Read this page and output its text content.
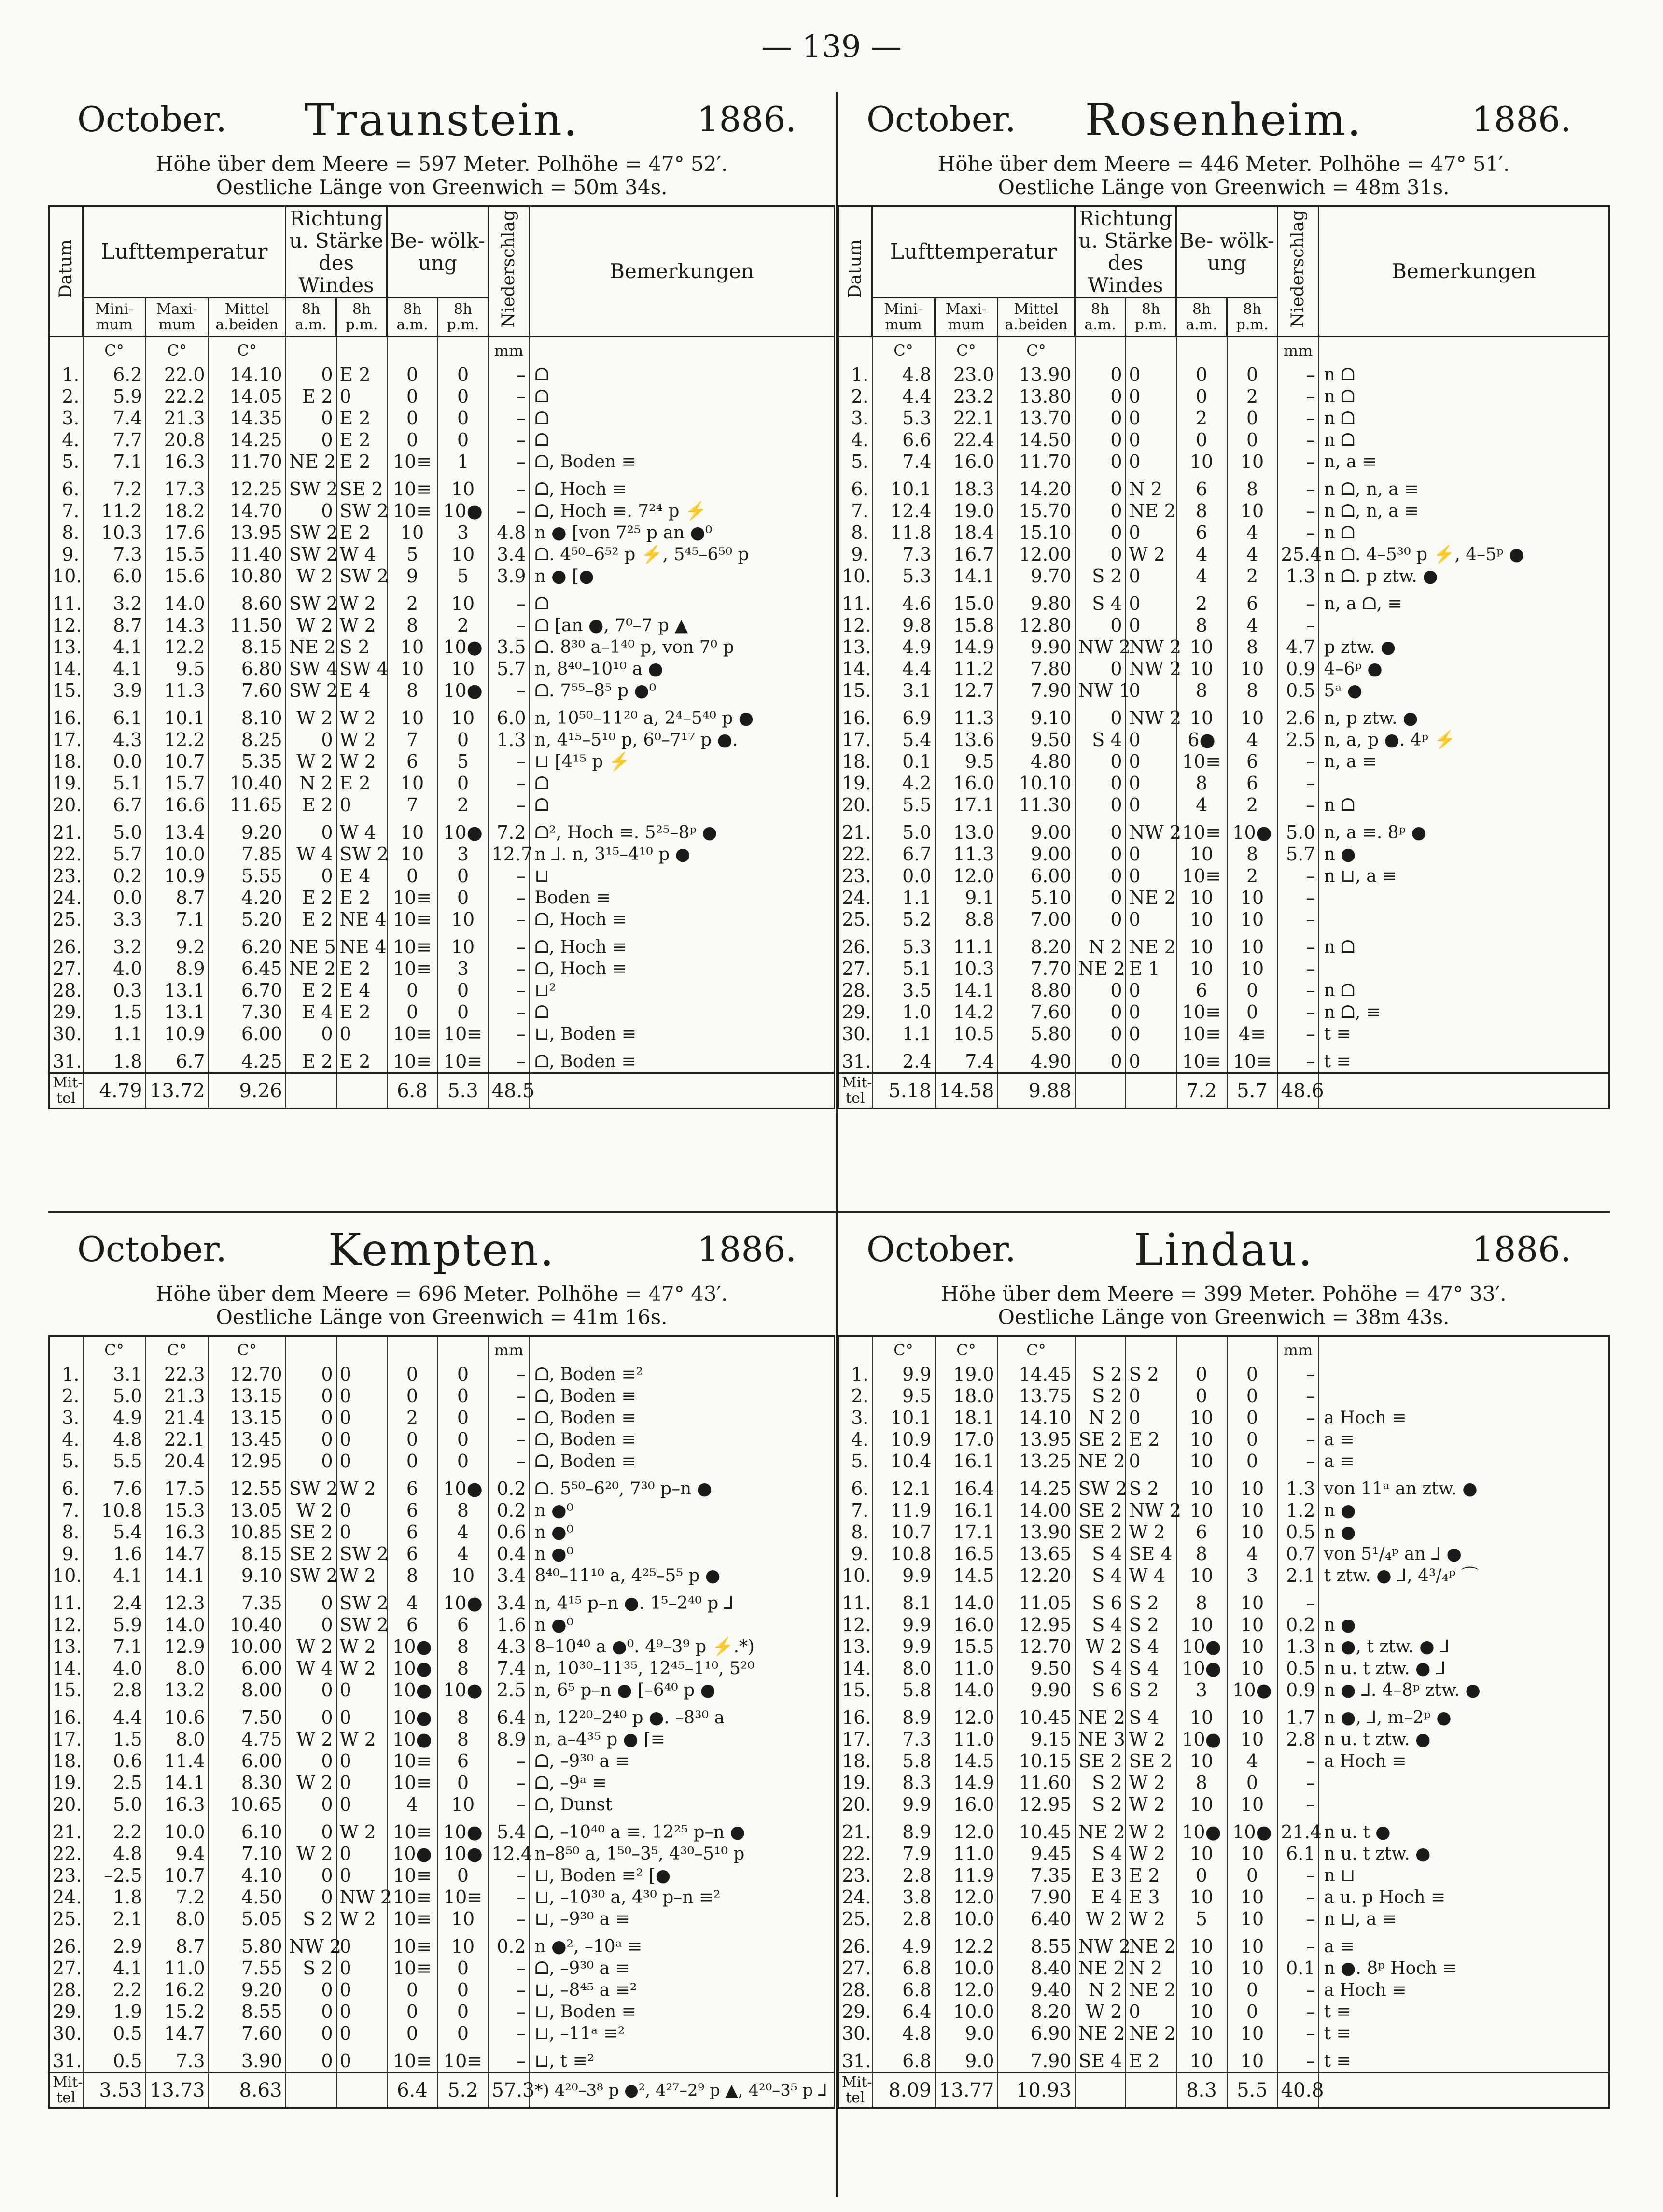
— 139 —
October.	Traunstein.	1886.
Höhe über dem Meere = 597 Meter. Polhöhe = 47° 52′.
Oestliche Länge von Greenwich = 50m 34s.
Datum	Lufttemperatur			Richtung u. Stärke des Windes		Be- wölk- ung		Niederschlag	Bemerkungen
	Mini- mum	Maxi- mum	Mittel a.beiden	8h a.m.	8h p.m.	8h a.m.	8h p.m.		
	C°	C°	C°					mm	
1.	6.2	22.0	14.10	0	E 2	0	0	–	ᗝ
2.	5.9	22.2	14.05	E 2	0	0	0	–	ᗝ
3.	7.4	21.3	14.35	0	E 2	0	0	–	ᗝ
4.	7.7	20.8	14.25	0	E 2	0	0	–	ᗝ
5.	7.1	16.3	11.70	NE 2	E 2	10≡	1	–	ᗝ, Boden ≡
6.	7.2	17.3	12.25	SW 2	SE 2	10≡	10	–	ᗝ, Hoch ≡
7.	11.2	18.2	14.70	0	SW 2	10≡	10●	–	ᗝ, Hoch ≡. 7²⁴ p ⚡
8.	10.3	17.6	13.95	SW 2	E 2	10	3	4.8	n ● [von 7²⁵ p an ●⁰
9.	7.3	15.5	11.40	SW 2	W 4	5	10	3.4	ᗝ. 4⁵⁰–6⁵² p ⚡, 5⁴⁵–6⁵⁰ p
10.	6.0	15.6	10.80	W 2	SW 2	9	5	3.9	n ● [●
11.	3.2	14.0	8.60	SW 2	W 2	2	10	–	ᗝ
12.	8.7	14.3	11.50	W 2	W 2	8	2	–	ᗝ [an ●, 7⁰–7 p ▲
13.	4.1	12.2	8.15	NE 2	S 2	10	10●	3.5	ᗝ. 8³⁰ a–1⁴⁰ p, von 7⁰ p
14.	4.1	9.5	6.80	SW 4	SW 4	10	10	5.7	n, 8⁴⁰–10¹⁰ a ●
15.	3.9	11.3	7.60	SW 2	E 4	8	10●	–	ᗝ. 7⁵⁵–8⁵ p ●⁰
16.	6.1	10.1	8.10	W 2	W 2	10	10	6.0	n, 10⁵⁰–11²⁰ a, 2⁴–5⁴⁰ p ●
17.	4.3	12.2	8.25	0	W 2	7	0	1.3	n, 4¹⁵–5¹⁰ p, 6⁰–7¹⁷ p ●.
18.	0.0	10.7	5.35	W 2	W 2	6	5	–	⊔ [4¹⁵ p ⚡
19.	5.1	15.7	10.40	N 2	E 2	10	0	–	ᗝ
20.	6.7	16.6	11.65	E 2	0	7	2	–	ᗝ
21.	5.0	13.4	9.20	0	W 4	10	10●	7.2	ᗝ², Hoch ≡. 5²⁵–8ᵖ ●
22.	5.7	10.0	7.85	W 4	SW 2	10	3	12.7	n ⅃. n, 3¹⁵–4¹⁰ p ●
23.	0.2	10.9	5.55	0	E 4	0	0	–	⊔
24.	0.0	8.7	4.20	E 2	E 2	10≡	0	–	Boden ≡
25.	3.3	7.1	5.20	E 2	NE 4	10≡	10	–	ᗝ, Hoch ≡
26.	3.2	9.2	6.20	NE 5	NE 4	10≡	10	–	ᗝ, Hoch ≡
27.	4.0	8.9	6.45	NE 2	E 2	10≡	3	–	ᗝ, Hoch ≡
28.	0.3	13.1	6.70	E 2	E 4	0	0	–	⊔²
29.	1.5	13.1	7.30	E 4	E 2	0	0	–	ᗝ
30.	1.1	10.9	6.00	0	0	10≡	10≡	–	⊔, Boden ≡
31.	1.8	6.7	4.25	E 2	E 2	10≡	10≡	–	ᗝ, Boden ≡
Mit- tel	4.79	13.72	9.26			6.8	5.3	48.5	
October.	Rosenheim.	1886.
Höhe über dem Meere = 446 Meter. Polhöhe = 47° 51′.
Oestliche Länge von Greenwich = 48m 31s.
Datum	Lufttemperatur			Richtung u. Stärke des Windes		Be- wölk- ung		Niederschlag	Bemerkungen
	Mini- mum	Maxi- mum	Mittel a.beiden	8h a.m.	8h p.m.	8h a.m.	8h p.m.		
	C°	C°	C°					mm	
1.	4.8	23.0	13.90	0	0	0	0	–	n ᗝ
2.	4.4	23.2	13.80	0	0	0	2	–	n ᗝ
3.	5.3	22.1	13.70	0	0	2	0	–	n ᗝ
4.	6.6	22.4	14.50	0	0	0	0	–	n ᗝ
5.	7.4	16.0	11.70	0	0	10	10	–	n, a ≡
6.	10.1	18.3	14.20	0	N 2	6	8	–	n ᗝ, n, a ≡
7.	12.4	19.0	15.70	0	NE 2	8	10	–	n ᗝ, n, a ≡
8.	11.8	18.4	15.10	0	0	6	4	–	n ᗝ
9.	7.3	16.7	12.00	0	W 2	4	4	25.4	n ᗝ. 4–5³⁰ p ⚡, 4–5ᵖ ●
10.	5.3	14.1	9.70	S 2	0	4	2	1.3	n ᗝ. p ztw. ●
11.	4.6	15.0	9.80	S 4	0	2	6	–	n, a ᗝ, ≡
12.	9.8	15.8	12.80	0	0	8	4	–	
13.	4.9	14.9	9.90	NW 2	NW 2	10	8	4.7	p ztw. ●
14.	4.4	11.2	7.80	0	NW 2	10	10	0.9	4–6ᵖ ●
15.	3.1	12.7	7.90	NW 1	0	8	8	0.5	5ᵃ ●
16.	6.9	11.3	9.10	0	NW 2	10	10	2.6	n, p ztw. ●
17.	5.4	13.6	9.50	S 4	0	6●	4	2.5	n, a, p ●. 4ᵖ ⚡
18.	0.1	9.5	4.80	0	0	10≡	6	–	n, a ≡
19.	4.2	16.0	10.10	0	0	8	6	–	
20.	5.5	17.1	11.30	0	0	4	2	–	n ᗝ
21.	5.0	13.0	9.00	0	NW 2	10≡	10●	5.0	n, a ≡. 8ᵖ ●
22.	6.7	11.3	9.00	0	0	10	8	5.7	n ●
23.	0.0	12.0	6.00	0	0	10≡	2	–	n ⊔, a ≡
24.	1.1	9.1	5.10	0	NE 2	10	10	–	
25.	5.2	8.8	7.00	0	0	10	10	–	
26.	5.3	11.1	8.20	N 2	NE 2	10	10	–	n ᗝ
27.	5.1	10.3	7.70	NE 2	E 1	10	10	–	
28.	3.5	14.1	8.80	0	0	6	0	–	n ᗝ
29.	1.0	14.2	7.60	0	0	10≡	0	–	n ᗝ, ≡
30.	1.1	10.5	5.80	0	0	10≡	4≡	–	t ≡
31.	2.4	7.4	4.90	0	0	10≡	10≡	–	t ≡
Mit- tel	5.18	14.58	9.88			7.2	5.7	48.6	
October.	Kempten.	1886.
Höhe über dem Meere = 696 Meter. Polhöhe = 47° 43′.
Oestliche Länge von Greenwich = 41m 16s.
	C°	C°	C°					mm	
1.	3.1	22.3	12.70	0	0	0	0	–	ᗝ, Boden ≡²
2.	5.0	21.3	13.15	0	0	0	0	–	ᗝ, Boden ≡
3.	4.9	21.4	13.15	0	0	2	0	–	ᗝ, Boden ≡
4.	4.8	22.1	13.45	0	0	0	0	–	ᗝ, Boden ≡
5.	5.5	20.4	12.95	0	0	0	0	–	ᗝ, Boden ≡
6.	7.6	17.5	12.55	SW 2	W 2	6	10●	0.2	ᗝ. 5⁵⁰–6²⁰, 7³⁰ p–n ●
7.	10.8	15.3	13.05	W 2	0	6	8	0.2	n ●⁰
8.	5.4	16.3	10.85	SE 2	0	6	4	0.6	n ●⁰
9.	1.6	14.7	8.15	SE 2	SW 2	6	4	0.4	n ●⁰
10.	4.1	14.1	9.10	SW 2	W 2	8	10	3.4	8⁴⁰–11¹⁰ a, 4²⁵–5⁵ p ●
11.	2.4	12.3	7.35	0	SW 2	4	10●	3.4	n, 4¹⁵ p–n ●. 1⁵–2⁴⁰ p ⅃
12.	5.9	14.0	10.40	0	SW 2	6	6	1.6	n ●⁰
13.	7.1	12.9	10.00	W 2	W 2	10●	8	4.3	8–10⁴⁰ a ●⁰. 4⁹–3⁹ p ⚡.*)
14.	4.0	8.0	6.00	W 4	W 2	10●	8	7.4	n, 10³⁰–11³⁵, 12⁴⁵–1¹⁰, 5²⁰
15.	2.8	13.2	8.00	0	0	10●	10●	2.5	n, 6⁵ p–n ● [–6⁴⁰ p ●
16.	4.4	10.6	7.50	0	0	10●	8	6.4	n, 12²⁰–2⁴⁰ p ●. –8³⁰ a
17.	1.5	8.0	4.75	W 2	W 2	10●	8	8.9	n, a–4³⁵ p ● [≡
18.	0.6	11.4	6.00	0	0	10≡	6	–	ᗝ, –9³⁰ a ≡
19.	2.5	14.1	8.30	W 2	0	10≡	0	–	ᗝ, –9ᵃ ≡
20.	5.0	16.3	10.65	0	0	4	10	–	ᗝ, Dunst
21.	2.2	10.0	6.10	0	W 2	10≡	10●	5.4	ᗝ, –10⁴⁰ a ≡. 12²⁵ p–n ●
22.	4.8	9.4	7.10	W 2	0	10●	10●	12.4	n–8⁵⁰ a, 1⁵⁰–3⁵, 4³⁰–5¹⁰ p
23.	–2.5	10.7	4.10	0	0	10≡	0	–	⊔, Boden ≡² [●
24.	1.8	7.2	4.50	0	NW 2	10≡	10≡	–	⊔, –10³⁰ a, 4³⁰ p–n ≡²
25.	2.1	8.0	5.05	S 2	W 2	10≡	10	–	⊔, –9³⁰ a ≡
26.	2.9	8.7	5.80	NW 2	0	10≡	10	0.2	n ●², –10ᵃ ≡
27.	4.1	11.0	7.55	S 2	0	10≡	0	–	ᗝ, –9³⁰ a ≡
28.	2.2	16.2	9.20	0	0	0	0	–	⊔, –8⁴⁵ a ≡²
29.	1.9	15.2	8.55	0	0	0	0	–	⊔, Boden ≡
30.	0.5	14.7	7.60	0	0	0	0	–	⊔, –11ᵃ ≡²
31.	0.5	7.3	3.90	0	0	10≡	10≡	–	⊔, t ≡²
Mit- tel	3.53	13.73	8.63			6.4	5.2	57.3	*) 4²⁰–3⁸ p ●², 4²⁷–2⁹ p ▲, 4²⁰–3⁵ p ⅃
October.	Lindau.	1886.
Höhe über dem Meere = 399 Meter. Pohöhe = 47° 33′.
Oestliche Länge von Greenwich = 38m 43s.
	C°	C°	C°					mm	
1.	9.9	19.0	14.45	S 2	S 2	0	0	–	
2.	9.5	18.0	13.75	S 2	0	0	0	–	
3.	10.1	18.1	14.10	N 2	0	10	0	–	a Hoch ≡
4.	10.9	17.0	13.95	SE 2	E 2	10	0	–	a ≡
5.	10.4	16.1	13.25	NE 2	0	10	0	–	a ≡
6.	12.1	16.4	14.25	SW 2	S 2	10	10	1.3	von 11ᵃ an ztw. ●
7.	11.9	16.1	14.00	SE 2	NW 2	10	10	1.2	n ●
8.	10.7	17.1	13.90	SE 2	W 2	6	10	0.5	n ●
9.	10.8	16.5	13.65	S 4	SE 4	8	4	0.7	von 5¹/₄ᵖ an ⅃ ●
10.	9.9	14.5	12.20	S 4	W 4	10	3	2.1	t ztw. ● ⅃, 4³/₄ᵖ ⌒
11.	8.1	14.0	11.05	S 6	S 2	8	10	–	
12.	9.9	16.0	12.95	S 4	S 2	10	10	0.2	n ●
13.	9.9	15.5	12.70	W 2	S 4	10●	10	1.3	n ●, t ztw. ● ⅃
14.	8.0	11.0	9.50	S 4	S 4	10●	10	0.5	n u. t ztw. ● ⅃
15.	5.8	14.0	9.90	S 6	S 2	3	10●	0.9	n ● ⅃. 4–8ᵖ ztw. ●
16.	8.9	12.0	10.45	NE 2	S 4	10	10	1.7	n ●, ⅃, m–2ᵖ ●
17.	7.3	11.0	9.15	NE 3	W 2	10●	10	2.8	n u. t ztw. ●
18.	5.8	14.5	10.15	SE 2	SE 2	10	4	–	a Hoch ≡
19.	8.3	14.9	11.60	S 2	W 2	8	0	–	
20.	9.9	16.0	12.95	S 2	W 2	10	10	–	
21.	8.9	12.0	10.45	NE 2	W 2	10●	10●	21.4	n u. t ●
22.	7.9	11.0	9.45	S 4	W 2	10	10	6.1	n u. t ztw. ●
23.	2.8	11.9	7.35	E 3	E 2	0	0	–	n ⊔
24.	3.8	12.0	7.90	E 4	E 3	10	10	–	a u. p Hoch ≡
25.	2.8	10.0	6.40	W 2	W 2	5	10	–	n ⊔, a ≡
26.	4.9	12.2	8.55	NW 2	NE 2	10	10	–	a ≡
27.	6.8	10.0	8.40	NE 2	N 2	10	10	0.1	n ●. 8ᵖ Hoch ≡
28.	6.8	12.0	9.40	N 2	NE 2	10	0	–	a Hoch ≡
29.	6.4	10.0	8.20	W 2	0	10	0	–	t ≡
30.	4.8	9.0	6.90	NE 2	NE 2	10	10	–	t ≡
31.	6.8	9.0	7.90	SE 4	E 2	10	10	–	t ≡
Mit- tel	8.09	13.77	10.93			8.3	5.5	40.8	
